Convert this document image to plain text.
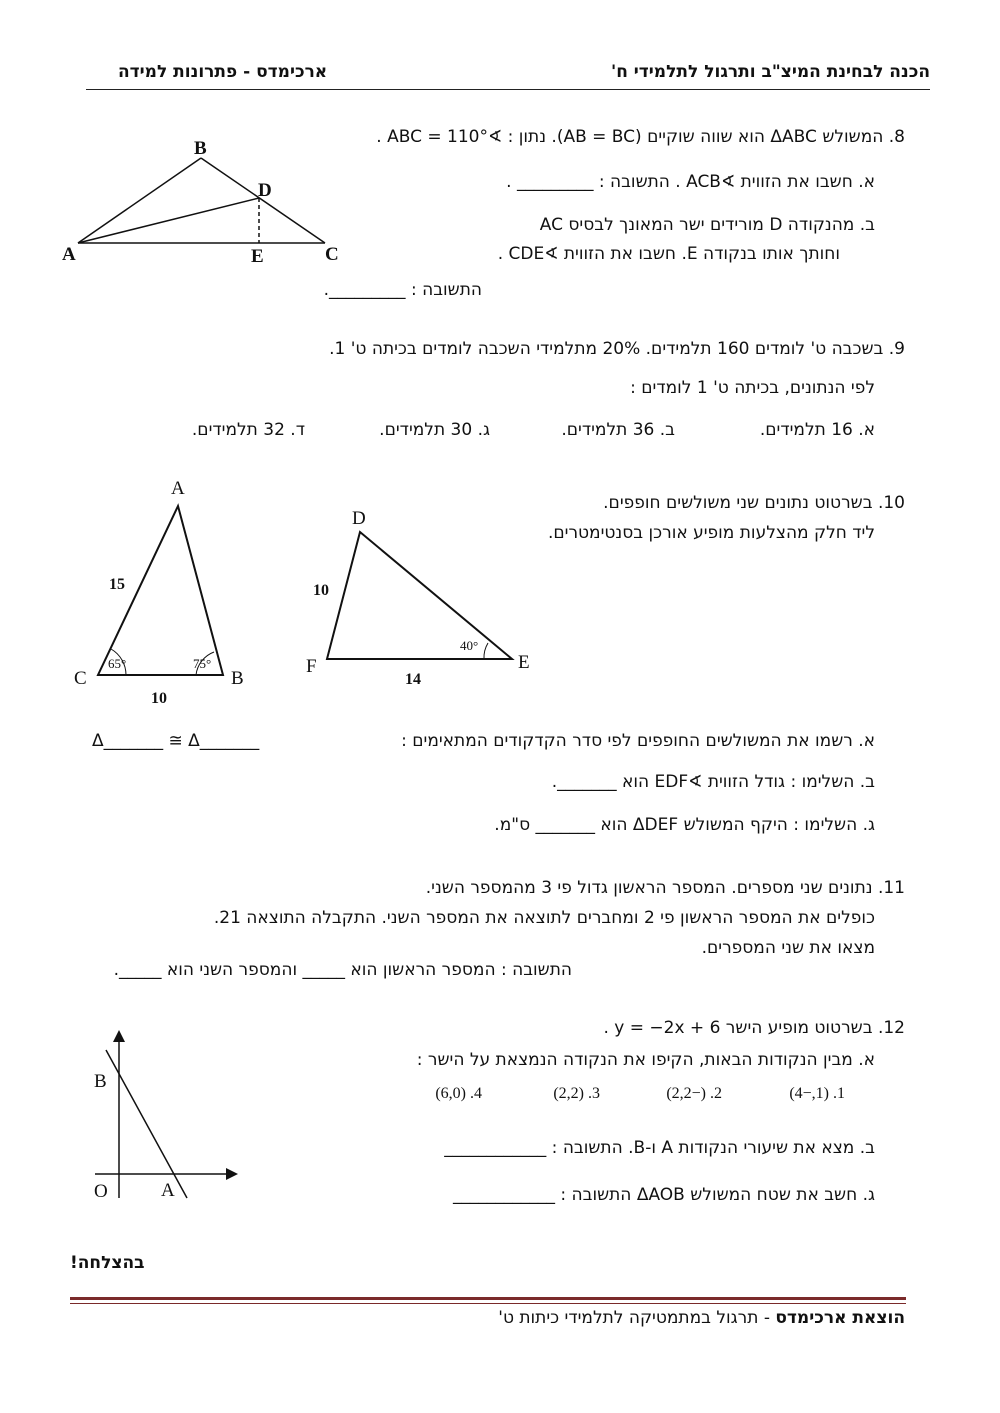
הכנה לבחינת המיצ"ב ותרגול לתלמידי ח'
ארכימדס - פתרונות למידה
8. המשולש ΔABC הוא שווה שוקיים (AB = BC). נתון : ∢ABC = 110° .
א. חשבו את הזווית ∢ACB . התשובה : _________ .
ב. מהנקודה D מורידים ישר המאונך לבסיס AC
וחותך אותו בנקודה E. חשבו את הזווית ∢CDE .
התשובה : _________.
B
D
A	E	C
9. בשכבה ט' לומדים 160 תלמידים. 20% מתלמידי השכבה לומדים בכיתה ט' 1.
לפי הנתונים, בכיתה ט' 1 לומדים :
א. 16 תלמידים.
ב. 36 תלמידים.
ג. 30 תלמידים.
ד. 32 תלמידים.
10. בשרטוט נתונים שני משולשים חופפים.
ליד חלק מהצלעות מופיע אורכן בסנטימטרים.
A
C	B
15
10
65°	75°
D
F	E
10
14
40°
א. רשמו את המשולשים החופפים לפי סדר הקדקודים המתאימים :
Δ_______ ≅ Δ_______
ב. השלימו : גודל הזווית ∢EDF הוא _______.
ג. השלימו : היקף המשולש ΔDEF הוא _______ ס"מ.
11. נתונים שני מספרים. המספר הראשון גדול פי 3 מהמספר השני.
כופלים את המספר הראשון פי 2 ומחברים לתוצאה את המספר השני. התקבלה התוצאה 21.
מצאו את שני המספרים.
התשובה : המספר הראשון הוא _____ והמספר השני הוא _____.
12. בשרטוט מופיע הישר y = −2x + 6 .
א. מבין הנקודות הבאות, הקיפו את הנקודה הנמצאת על הישר :
1. (1,−4)
2. (−2,2)
3. (2,2)
4. (6,0)
ב. מצא את שיעורי הנקודות A ו-B. התשובה : ____________
ג. חשב את שטח המשולש ΔAOB התשובה : ____________
B
O	A
בהצלחה!
הוצאת ארכימדס - תרגול במתמטיקה לתלמידי כיתות ט'
